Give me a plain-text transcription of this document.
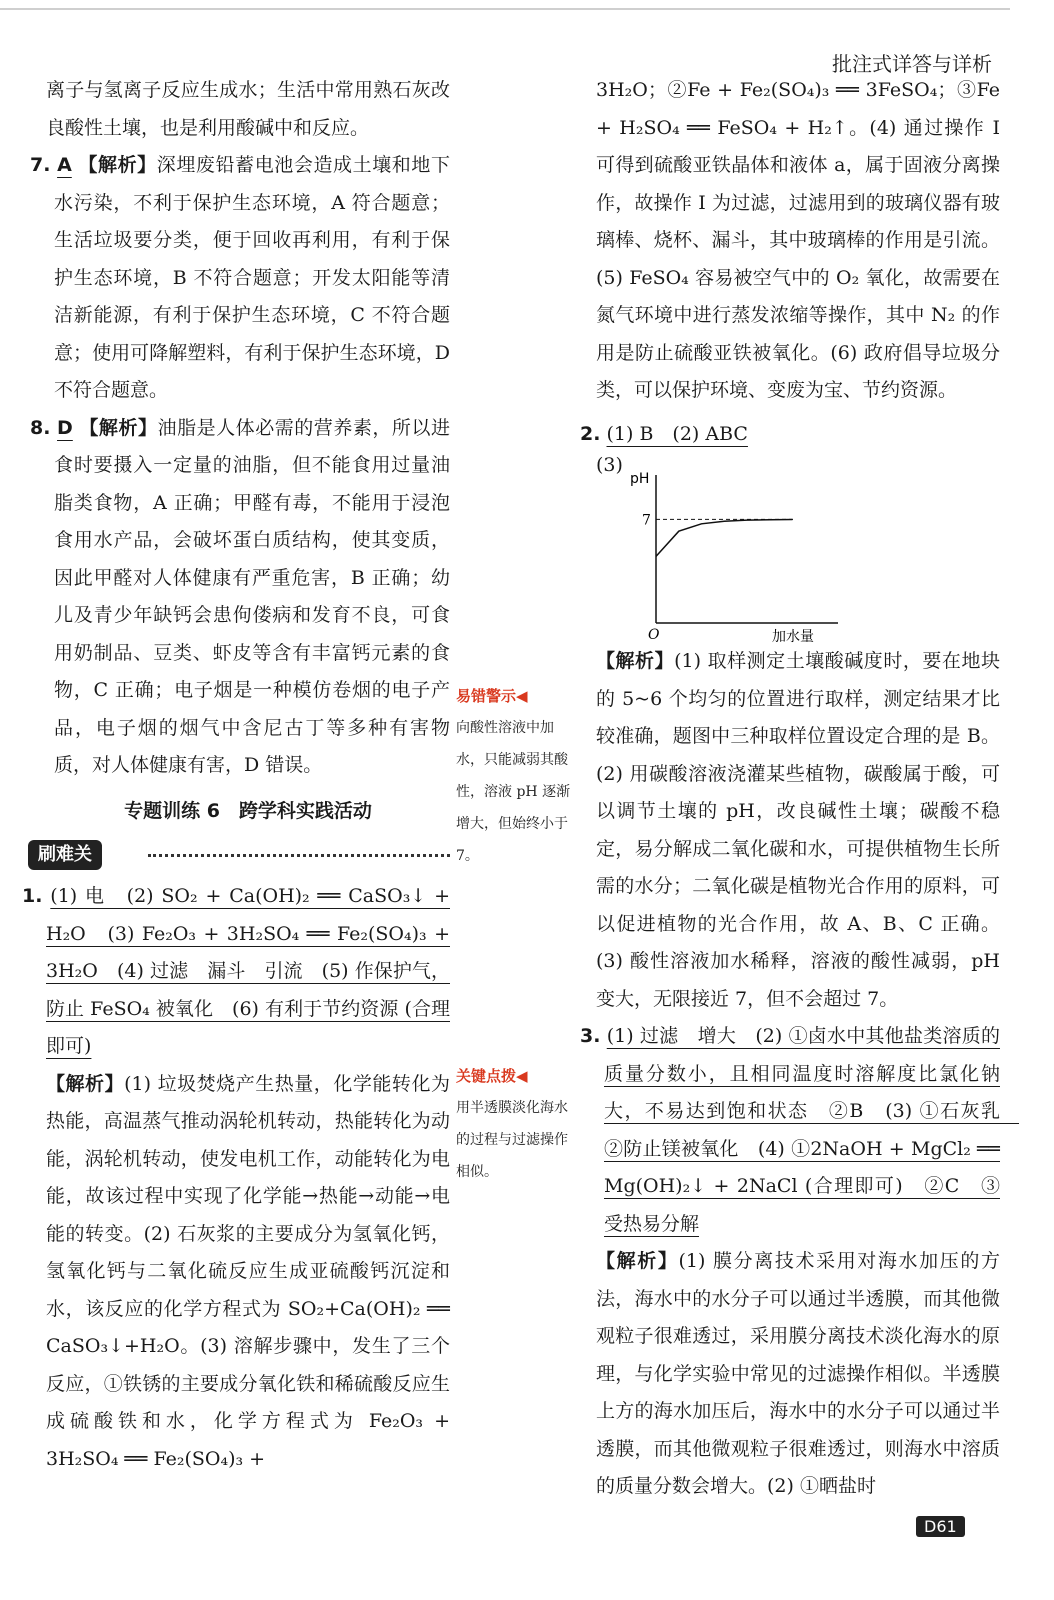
批注式详答与详析

离子与氢离子反应生成水；生活中常用熟石灰改良酸性土壤，也是利用酸碱中和反应。

7. A 【解析】深埋废铅蓄电池会造成土壤和地下水污染，不利于保护生态环境，A 符合题意；生活垃圾要分类，便于回收再利用，有利于保护生态环境，B 不符合题意；开发太阳能等清洁新能源，有利于保护生态环境，C 不符合题意；使用可降解塑料，有利于保护生态环境，D 不符合题意。

8. D 【解析】油脂是人体必需的营养素，所以进食时要摄入一定量的油脂，但不能食用过量油脂类食物，A 正确；甲醛有毒，不能用于浸泡食用水产品，会破坏蛋白质结构，使其变质，因此甲醛对人体健康有严重危害，B 正确；幼儿及青少年缺钙会患佝偻病和发育不良，可食用奶制品、豆类、虾皮等含有丰富钙元素的食物，C 正确；电子烟是一种模仿卷烟的电子产品，电子烟的烟气中含尼古丁等多种有害物质，对人体健康有害，D 错误。

专题训练 6　跨学科实践活动
刷难关

1. (1) 电　(2) SO₂ + Ca(OH)₂ ══ CaSO₃↓ + H₂O　(3) Fe₂O₃ + 3H₂SO₄ ══ Fe₂(SO₄)₃ + 3H₂O　(4) 过滤　漏斗　引流　(5) 作保护气，防止 FeSO₄ 被氧化　(6) 有利于节约资源 (合理即可)

【解析】(1) 垃圾焚烧产生热量，化学能转化为热能，高温蒸气推动涡轮机转动，热能转化为动能，涡轮机转动，使发电机工作，动能转化为电能，故该过程中实现了化学能→热能→动能→电能的转变。(2) 石灰浆的主要成分为氢氧化钙，氢氧化钙与二氧化硫反应生成亚硫酸钙沉淀和水，该反应的化学方程式为 SO₂+Ca(OH)₂ ══ CaSO₃↓+H₂O。(3) 溶解步骤中，发生了三个反应，①铁锈的主要成分氧化铁和稀硫酸反应生成硫酸铁和水，化学方程式为 Fe₂O₃ + 3H₂SO₄ ══ Fe₂(SO₄)₃ +

易错警示◀
向酸性溶液中加水，只能减弱其酸性，溶液 pH 逐渐增大，但始终小于7。
关键点拨◀
用半透膜淡化海水的过程与过滤操作相似。

3H₂O；②Fe + Fe₂(SO₄)₃ ══ 3FeSO₄；③Fe + H₂SO₄ ══ FeSO₄ + H₂↑。(4) 通过操作 I 可得到硫酸亚铁晶体和液体 a，属于固液分离操作，故操作 I 为过滤，过滤用到的玻璃仪器有玻璃棒、烧杯、漏斗，其中玻璃棒的作用是引流。(5) FeSO₄ 容易被空气中的 O₂ 氧化，故需要在氮气环境中进行蒸发浓缩等操作，其中 N₂ 的作用是防止硫酸亚铁被氧化。(6) 政府倡导垃圾分类，可以保护环境、变废为宝、节约资源。

2. (1) B　(2) ABC

(3)
pH
O	加水量
7

【解析】(1) 取样测定土壤酸碱度时，要在地块的 5~6 个均匀的位置进行取样，测定结果才比较准确，题图中三种取样位置设定合理的是 B。(2) 用碳酸溶液浇灌某些植物，碳酸属于酸，可以调节土壤的 pH，改良碱性土壤；碳酸不稳定，易分解成二氧化碳和水，可提供植物生长所需的水分；二氧化碳是植物光合作用的原料，可以促进植物的光合作用，故 A、B、C 正确。(3) 酸性溶液加水稀释，溶液的酸性减弱，pH 变大，无限接近 7，但不会超过 7。

3. (1) 过滤　增大　(2) ①卤水中其他盐类溶质的质量分数小，且相同温度时溶解度比氯化钠大，不易达到饱和状态　②B　(3) ①石灰乳　②防止镁被氧化　(4) ①2NaOH + MgCl₂ ══ Mg(OH)₂↓ + 2NaCl (合理即可)　②C　③受热易分解

【解析】(1) 膜分离技术采用对海水加压的方法，海水中的水分子可以通过半透膜，而其他微观粒子很难透过，采用膜分离技术淡化海水的原理，与化学实验中常见的过滤操作相似。半透膜上方的海水加压后，海水中的水分子可以通过半透膜，而其他微观粒子很难透过，则海水中溶质的质量分数会增大。(2) ①晒盐时

D61
